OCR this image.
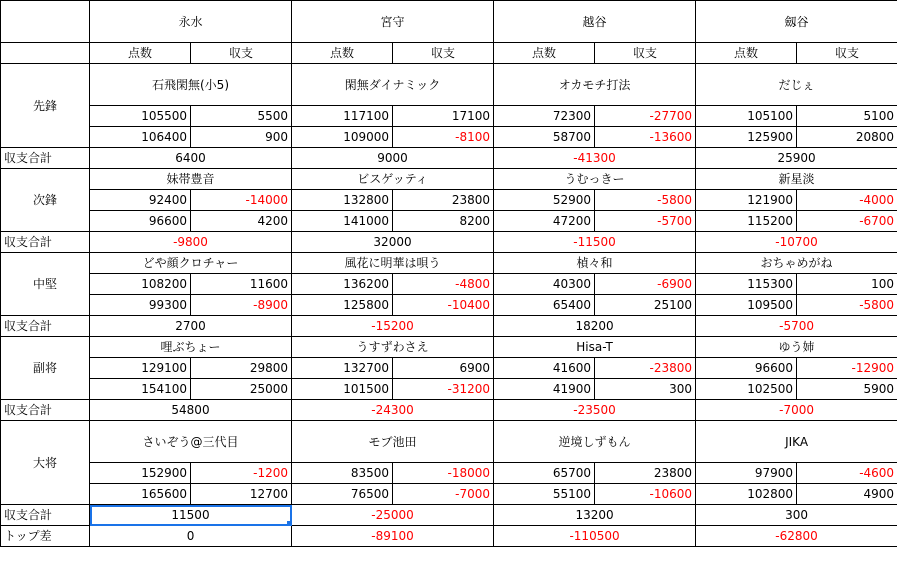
	永水		宮守		越谷		劔谷	
	点数	収支	点数	収支	点数	収支	点数	収支
先鋒	石飛閑無(小5)		閑無ダイナミック		オカモチ打法		だじぇ	
	105500	5500	117100	17100	72300	-27700	105100	5100
	106400	900	109000	-8100	58700	-13600	125900	20800
収支合計	6400		9000		-41300		25900	
次鋒	妹帯豊音		ビスゲッティ		うむっきー		新星淡	
	92400	-14000	132800	23800	52900	-5800	121900	-4000
	96600	4200	141000	8200	47200	-5700	115200	-6700
収支合計	-9800		32000		-11500		-10700	
中堅	どや顔クロチャー		風花に明華は唄う		楨々和		おちゃめがね	
	108200	11600	136200	-4800	40300	-6900	115300	100
	99300	-8900	125800	-10400	65400	25100	109500	-5800
収支合計	2700		-15200		18200		-5700	
副将	哩ぶちょー		うすずわさえ		Hisa-T		ゆう姉	
	129100	29800	132700	6900	41600	-23800	96600	-12900
	154100	25000	101500	-31200	41900	300	102500	5900
収支合計	54800		-24300		-23500		-7000	
大将	さいぞう@三代目		モブ池田		逆境しずもん		JIKA	
	152900	-1200	83500	-18000	65700	23800	97900	-4600
	165600	12700	76500	-7000	55100	-10600	102800	4900
収支合計	11500		-25000		13200		300	
トップ差	0		-89100		-110500		-62800	
